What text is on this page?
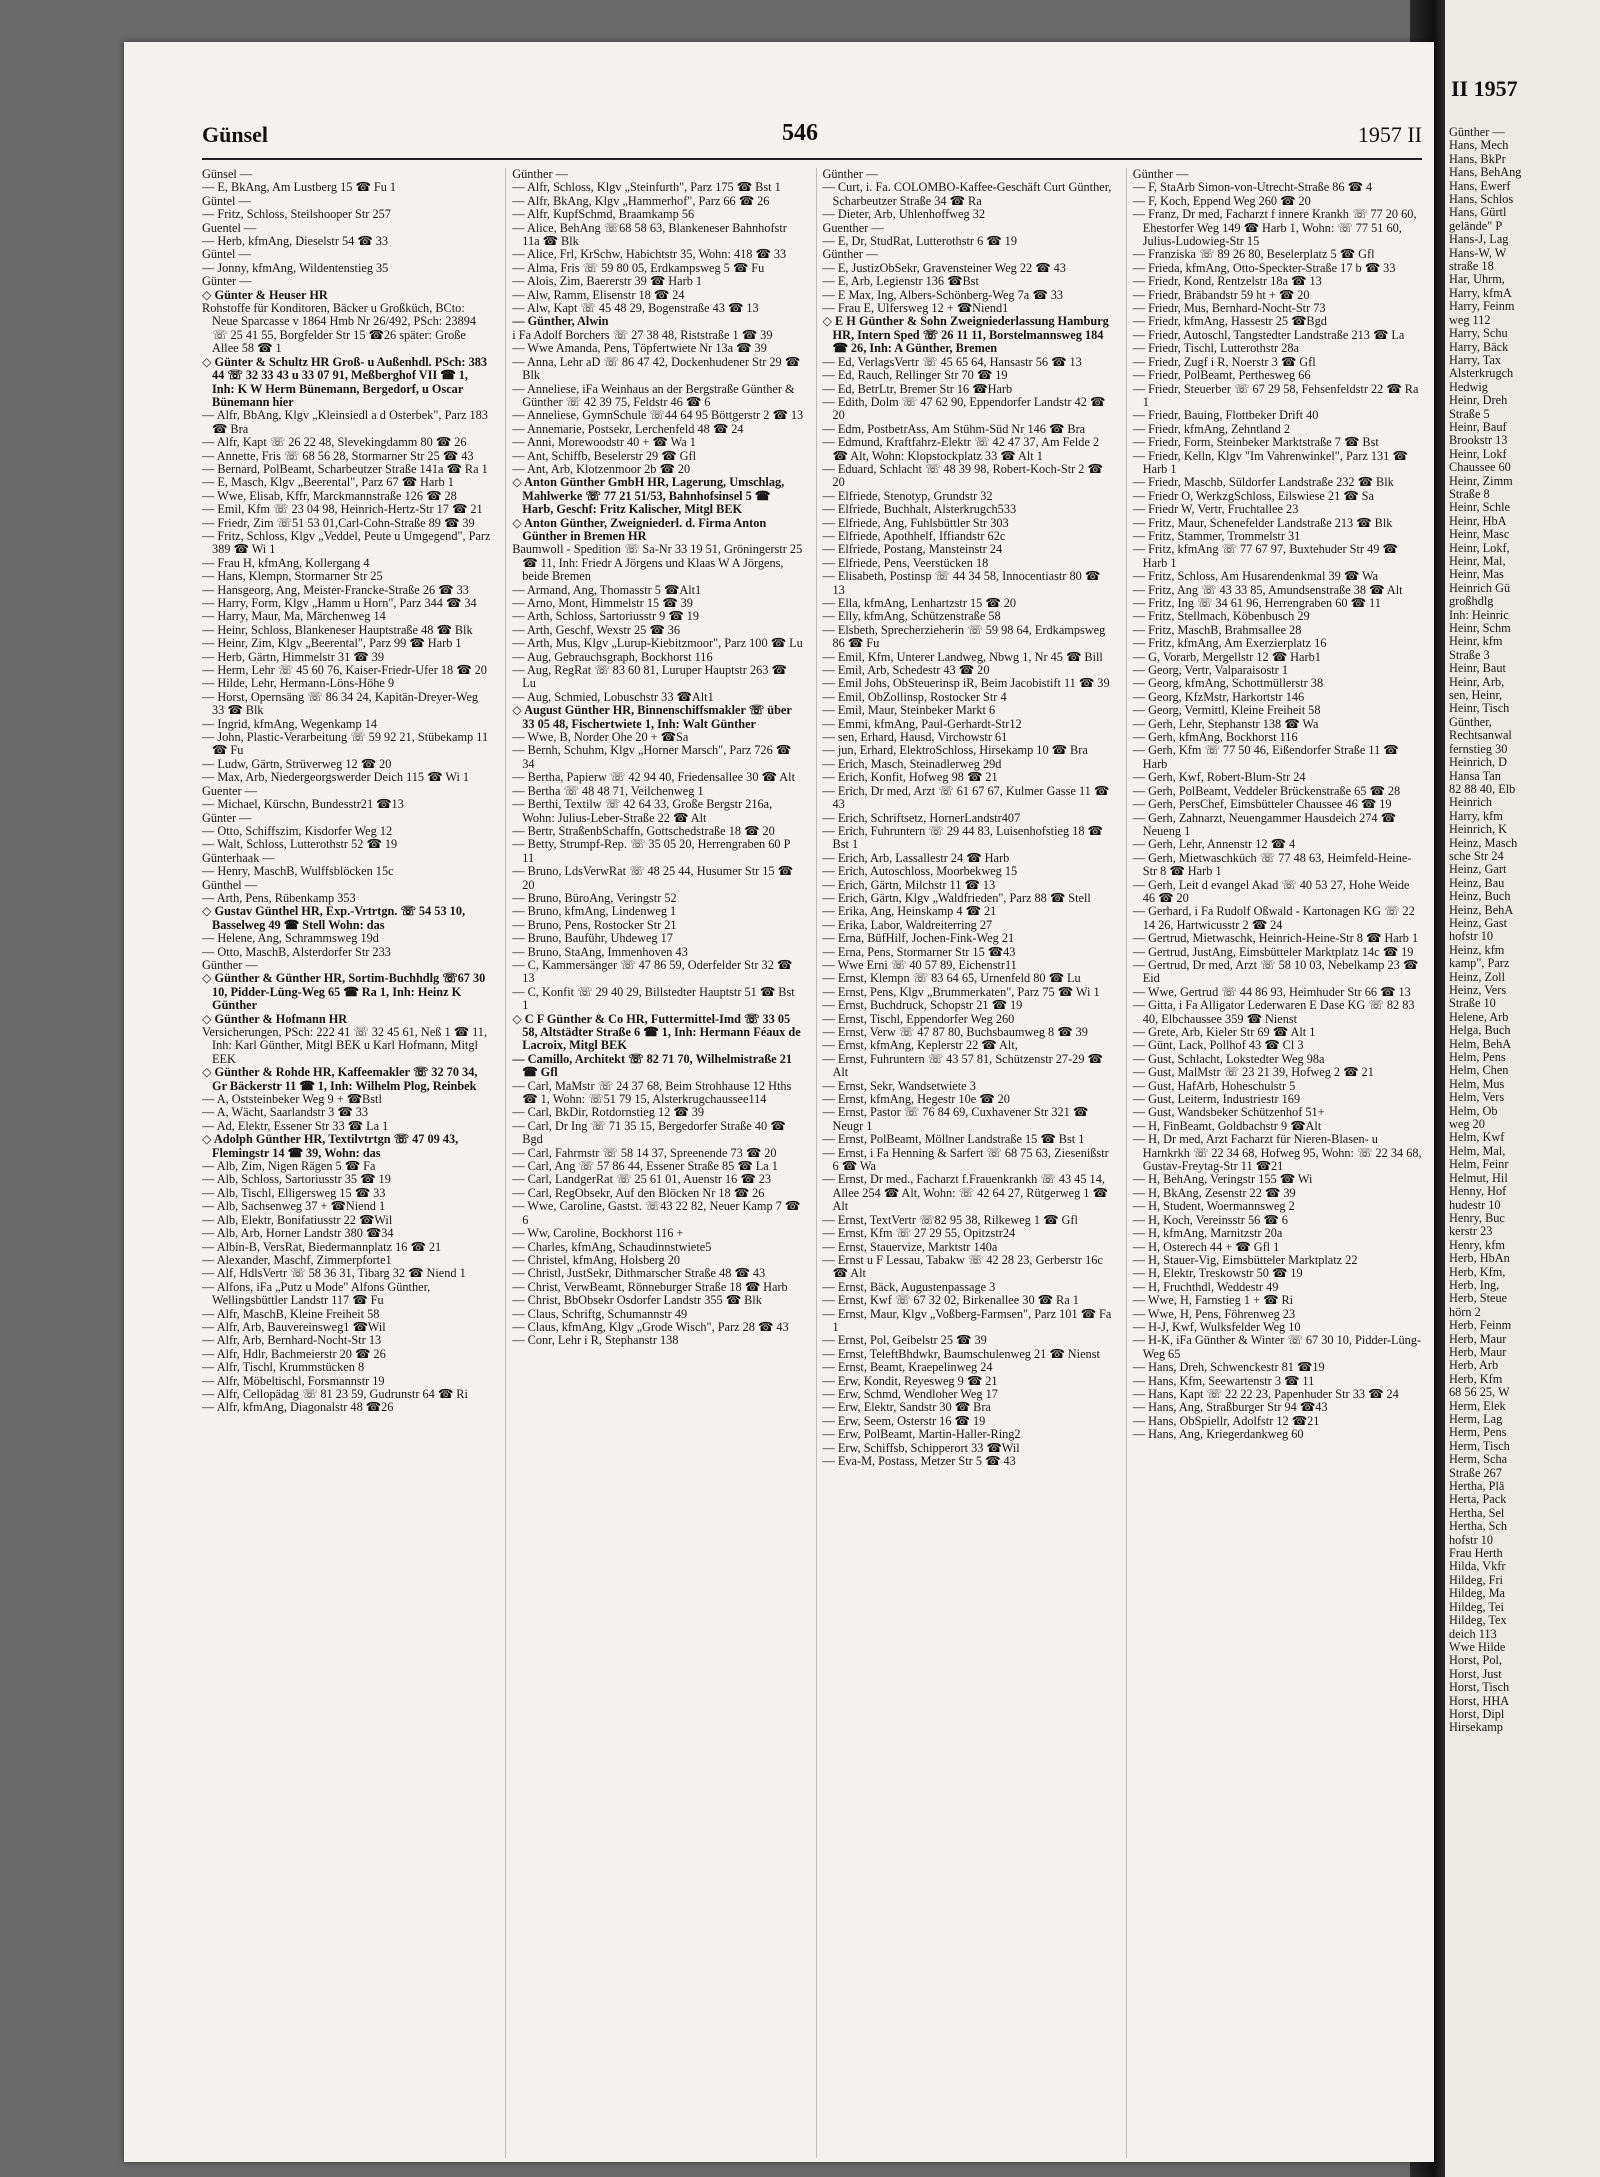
Günsel	546	1957 II

Günsel —

— E, BkAng, Am Lustberg 15 ☎ Fu 1

Güntel —

— Fritz, Schloss, Steilshooper Str 257

Guentel —

— Herb, kfmAng, Dieselstr 54 ☎ 33

Güntel —

— Jonny, kfmAng, Wildentenstieg 35

Günter —

◇ Günter & Heuser HR

Rohstoffe für Konditoren, Bäcker u Großküch, BCto: Neue Sparcasse v 1864 Hmb Nr 26/492, PSch: 23894 ☏ 25 41 55, Borgfelder Str 15 ☎26 später: Große Allee 58 ☎ 1

◇ Günter & Schultz HR Groß- u Außenhdl. PSch: 383 44 ☏ 32 33 43 u 33 07 91, Meßberghof VII ☎ 1, Inh: K W Herm Bünemann, Bergedorf, u Oscar Bünemann hier

— Alfr, BbAng, Klgv „Kleinsiedl a d Osterbek", Parz 183 ☎ Bra

— Alfr, Kapt ☏ 26 22 48, Slevekingdamm 80 ☎ 26

— Annette, Fris ☏ 68 56 28, Stormarner Str 25 ☎ 43

— Bernard, PolBeamt, Scharbeutzer Straße 141a ☎ Ra 1

— E, Masch, Klgv „Beerental", Parz 67 ☎ Harb 1

— Wwe, Elisab, Kffr, Marckmannstraße 126 ☎ 28

— Emil, Kfm ☏ 23 04 98, Heinrich-Hertz-Str 17 ☎ 21

— Friedr, Zim ☏51 53 01,Carl-Cohn-Straße 89 ☎ 39

— Fritz, Schloss, Klgv „Veddel, Peute u Umgegend", Parz 389 ☎ Wi 1

— Frau H, kfmAng, Kollergang 4

— Hans, Klempn, Stormarner Str 25

— Hansgeorg, Ang, Meister-Francke-Straße 26 ☎ 33

— Harry, Form, Klgv „Hamm u Horn", Parz 344 ☎ 34

— Harry, Maur, Ma, Märchenweg 14

— Heinr, Schloss, Blankeneser Hauptstraße 48 ☎ Blk

— Heinr, Zim, Klgv „Beerental", Parz 99 ☎ Harb 1

— Herb, Gärtn, Himmelstr 31 ☎ 39

— Herm, Lehr ☏ 45 60 76, Kaiser-Friedr-Ufer 18 ☎ 20

— Hilde, Lehr, Hermann-Löns-Höhe 9

— Horst, Opernsäng ☏ 86 34 24, Kapitän-Dreyer-Weg 33 ☎ Blk

— Ingrid, kfmAng, Wegenkamp 14

— John, Plastic-Verarbeitung ☏ 59 92 21, Stübekamp 11 ☎ Fu

— Ludw, Gärtn, Strüverweg 12 ☎ 20

— Max, Arb, Niedergeorgswerder Deich 115 ☎ Wi 1

Guenter —

— Michael, Kürschn, Bundesstr21 ☎13

Günter —

— Otto, Schiffszim, Kisdorfer Weg 12

— Walt, Schloss, Lutterothstr 52 ☎ 19

Günterhaak —

— Henry, MaschB, Wulffsblöcken 15c

Günthel —

— Arth, Pens, Rübenkamp 353

◇ Gustav Günthel HR, Exp.-Vrtrtgn. ☏ 54 53 10, Basselweg 49 ☎ Stell Wohn: das

— Helene, Ang, Schrammsweg 19d

— Otto, MaschB, Alsterdorfer Str 233

Günther —

◇ Günther & Günther HR, Sortim-Buchhdlg ☏67 30 10, Pidder-Lüng-Weg 65 ☎ Ra 1, Inh: Heinz K Günther

◇ Günther & Hofmann HR

Versicherungen, PSch: 222 41 ☏ 32 45 61, Neß 1 ☎ 11, Inh: Karl Günther, Mitgl BEK u Karl Hofmann, Mitgl EEK

◇ Günther & Rohde HR, Kaffeemakler ☏ 32 70 34, Gr Bäckerstr 11 ☎ 1, Inh: Wilhelm Plog, Reinbek

— A, Oststeinbeker Weg 9 + ☎Bstl

— A, Wächt, Saarlandstr 3 ☎ 33

— Ad, Elektr, Essener Str 33 ☎ La 1

◇ Adolph Günther HR, Textilvtrtgn ☏ 47 09 43, Flemingstr 14 ☎ 39, Wohn: das

— Alb, Zim, Nigen Rägen 5 ☎ Fa

— Alb, Schloss, Sartoriusstr 35 ☎ 19

— Alb, Tischl, Elligersweg 15 ☎ 33

— Alb, Sachsenweg 37 + ☎Niend 1

— Alb, Elektr, Bonifatiusstr 22 ☎Wil

— Alb, Arb, Horner Landstr 380 ☎34

— Albin-B, VersRat, Biedermannplatz 16 ☎ 21

— Alexander, Maschf, Zimmerpforte1

— Alf, HdlsVertr ☏ 58 36 31, Tibarg 32 ☎ Niend 1

— Alfons, iFa „Putz u Mode" Alfons Günther, Wellingsbüttler Landstr 117 ☎ Fu

— Alfr, MaschB, Kleine Freiheit 58

— Alfr, Arb, Bauvereinsweg1 ☎Wil

— Alfr, Arb, Bernhard-Nocht-Str 13

— Alfr, Hdlr, Bachmeierstr 20 ☎ 26

— Alfr, Tischl, Krummstücken 8

— Alfr, Möbeltischl, Forsmannstr 19

— Alfr, Cellopädag ☏ 81 23 59, Gudrunstr 64 ☎ Ri

— Alfr, kfmAng, Diagonalstr 48 ☎26

Günther —

— Alfr, Schloss, Klgv „Steinfurth", Parz 175 ☎ Bst 1

— Alfr, BkAng, Klgv „Hammerhof", Parz 66 ☎ 26

— Alfr, KupfSchmd, Braamkamp 56

— Alice, BehAng ☏68 58 63, Blankeneser Bahnhofstr 11a ☎ Blk

— Alice, Frl, KrSchw, Habichtstr 35, Wohn: 418 ☎ 33

— Alma, Fris ☏ 59 80 05, Erdkampsweg 5 ☎ Fu

— Alois, Zim, Baererstr 39 ☎ Harb 1

— Alw, Ramm, Elisenstr 18 ☎ 24

— Alw, Kapt ☏ 45 48 29, Bogenstraße 43 ☎ 13

— Günther, Alwin

i Fa Adolf Borchers ☏ 27 38 48, Riststraße 1 ☎ 39

— Wwe Amanda, Pens, Töpfertwiete Nr 13a ☎ 39

— Anna, Lehr aD ☏ 86 47 42, Dockenhudener Str 29 ☎ Blk

— Anneliese, iFa Weinhaus an der Bergstraße Günther & Günther ☏ 42 39 75, Feldstr 46 ☎ 6

— Anneliese, GymnSchule ☏44 64 95 Böttgerstr 2 ☎ 13

— Annemarie, Postsekr, Lerchenfeld 48 ☎ 24

— Anni, Morewoodstr 40 + ☎ Wa 1

— Ant, Schiffb, Beselerstr 29 ☎ Gfl

— Ant, Arb, Klotzenmoor 2b ☎ 20

◇ Anton Günther GmbH HR, Lagerung, Umschlag, Mahlwerke ☏ 77 21 51/53, Bahnhofsinsel 5 ☎ Harb, Geschf: Fritz Kalischer, Mitgl BEK

◇ Anton Günther, Zweigniederl. d. Firma Anton Günther in Bremen HR

Baumwoll - Spedition ☏ Sa-Nr 33 19 51, Gröningerstr 25 ☎ 11, Inh: Friedr A Jörgens und Klaas W A Jörgens, beide Bremen

— Armand, Ang, Thomasstr 5 ☎Alt1

— Arno, Mont, Himmelstr 15 ☎ 39

— Arth, Schloss, Sartoriusstr 9 ☎ 19

— Arth, Geschf, Wexstr 25 ☎ 36

— Arth, Mus, Klgv „Lurup-Kiebitzmoor", Parz 100 ☎ Lu

— Aug, Gebrauchsgraph, Bockhorst 116

— Aug, RegRat ☏ 83 60 81, Luruper Hauptstr 263 ☎ Lu

— Aug, Schmied, Lobuschstr 33 ☎Alt1

◇ August Günther HR, Binnenschiffsmakler ☏ über 33 05 48, Fischertwiete 1, Inh: Walt Günther

— Wwe, B, Norder Ohe 20 + ☎Sa

— Bernh, Schuhm, Klgv „Horner Marsch", Parz 726 ☎ 34

— Bertha, Papierw ☏ 42 94 40, Friedensallee 30 ☎ Alt

— Bertha ☏ 48 48 71, Veilchenweg 1

— Berthi, Textilw ☏ 42 64 33, Große Bergstr 216a, Wohn: Julius-Leber-Straße 22 ☎ Alt

— Bertr, StraßenbSchaffn, Gottschedstraße 18 ☎ 20

— Betty, Strumpf-Rep. ☏ 35 05 20, Herrengraben 60 P 11

— Bruno, LdsVerwRat ☏ 48 25 44, Husumer Str 15 ☎ 20

— Bruno, BüroAng, Veringstr 52

— Bruno, kfmAng, Lindenweg 1

— Bruno, Pens, Rostocker Str 21

— Bruno, Bauführ, Uhdeweg 17

— Bruno, StaAng, Immenhoven 43

— C, Kammersänger ☏ 47 86 59, Oderfelder Str 32 ☎ 13

— C, Konfit ☏ 29 40 29, Billstedter Hauptstr 51 ☎ Bst 1

◇ C F Günther & Co HR, Futtermittel-Imd ☏ 33 05 58, Altstädter Straße 6 ☎ 1, Inh: Hermann Féaux de Lacroix, Mitgl BEK

— Camillo, Architekt ☏ 82 71 70, Wilhelmistraße 21 ☎ Gfl

— Carl, MaMstr ☏ 24 37 68, Beim Strohhause 12 Hths ☎ 1, Wohn: ☏51 79 15, Alsterkrugchaussee114

— Carl, BkDir, Rotdornstieg 12 ☎ 39

— Carl, Dr Ing ☏ 71 35 15, Bergedorfer Straße 40 ☎ Bgd

— Carl, Fahrmstr ☏ 58 14 37, Spreenende 73 ☎ 20

— Carl, Ang ☏ 57 86 44, Essener Straße 85 ☎ La 1

— Carl, LandgerRat ☏ 25 61 01, Auenstr 16 ☎ 23

— Carl, RegObsekr, Auf den Blöcken Nr 18 ☎ 26

— Wwe, Caroline, Gastst. ☏43 22 82, Neuer Kamp 7 ☎ 6

— Ww, Caroline, Bockhorst 116 +

— Charles, kfmAng, Schaudinnstwiete5

— Christel, kfmAng, Holsberg 20

— Christl, JustSekr, Dithmarscher Straße 48 ☎ 43

— Christ, VerwBeamt, Rönneburger Straße 18 ☎ Harb

— Christ, BbObsekr Osdorfer Landstr 355 ☎ Blk

— Claus, Schriftg, Schumannstr 49

— Claus, kfmAng, Klgv „Grode Wisch", Parz 28 ☎ 43

— Conr, Lehr i R, Stephanstr 138

Günther —

— Curt, i. Fa. COLOMBO-Kaffee-Geschäft Curt Günther, Scharbeutzer Straße 34 ☎ Ra

— Dieter, Arb, Uhlenhoffweg 32

Guenther —

— E, Dr, StudRat, Lutterothstr 6 ☎ 19

Günther —

— E, JustizObSekr, Gravensteiner Weg 22 ☎ 43

— E, Arb, Legienstr 136 ☎Bst

— E Max, Ing, Albers-Schönberg-Weg 7a ☎ 33

— Frau E, Ulfersweg 12 + ☎Niend1

◇ E H Günther & Sohn Zweigniederlassung Hamburg HR, Intern Sped ☏ 26 11 11, Borstelmannsweg 184 ☎ 26, Inh: A Günther, Bremen

— Ed, VerlagsVertr ☏ 45 65 64, Hansastr 56 ☎ 13

— Ed, Rauch, Rellinger Str 70 ☎ 19

— Ed, BetrLtr, Bremer Str 16 ☎Harb

— Edith, Dolm ☏ 47 62 90, Eppendorfer Landstr 42 ☎ 20

— Edm, PostbetrAss, Am Stühm-Süd Nr 146 ☎ Bra

— Edmund, Kraftfahrz-Elektr ☏ 42 47 37, Am Felde 2 ☎ Alt, Wohn: Klopstockplatz 33 ☎ Alt 1

— Eduard, Schlacht ☏ 48 39 98, Robert-Koch-Str 2 ☎ 20

— Elfriede, Stenotyp, Grundstr 32

— Elfriede, Buchhalt, Alsterkrugch533

— Elfriede, Ang, Fuhlsbüttler Str 303

— Elfriede, Apothhelf, Iffiandstr 62c

— Elfriede, Postang, Mansteinstr 24

— Elfriede, Pens, Veerstücken 18

— Elisabeth, Postinsp ☏ 44 34 58, Innocentiastr 80 ☎ 13

— Ella, kfmAng, Lenhartzstr 15 ☎ 20

— Elly, kfmAng, Schützenstraße 58

— Elsbeth, Sprecherzieherin ☏ 59 98 64, Erdkampsweg 86 ☎ Fu

— Emil, Kfm, Unterer Landweg, Nbwg 1, Nr 45 ☎ Bill

— Emil, Arb, Schedestr 43 ☎ 20

— Emil Johs, ObSteuerinsp iR, Beim Jacobistift 11 ☎ 39

— Emil, ObZollinsp, Rostocker Str 4

— Emil, Maur, Steinbeker Markt 6

— Emmi, kfmAng, Paul-Gerhardt-Str12

— sen, Erhard, Hausd, Virchowstr 61

— jun, Erhard, ElektroSchloss, Hirsekamp 10 ☎ Bra

— Erich, Masch, Steinadlerweg 29d

— Erich, Konfit, Hofweg 98 ☎ 21

— Erich, Dr med, Arzt ☏ 61 67 67, Kulmer Gasse 11 ☎ 43

— Erich, Schriftsetz, HornerLandstr407

— Erich, Fuhruntern ☏ 29 44 83, Luisenhofstieg 18 ☎ Bst 1

— Erich, Arb, Lassallestr 24 ☎ Harb

— Erich, Autoschloss, Moorbekweg 15

— Erich, Gärtn, Milchstr 11 ☎ 13

— Erich, Gärtn, Klgv „Waldfrieden", Parz 88 ☎ Stell

— Erika, Ang, Heinskamp 4 ☎ 21

— Erika, Labor, Waldreiterring 27

— Erna, BüfHilf, Jochen-Fink-Weg 21

— Erna, Pens, Stormarner Str 15 ☎43

— Wwe Erni ☏ 40 57 89, Eichenstr11

— Ernst, Klempn ☏ 83 64 65, Urnenfeld 80 ☎ Lu

— Ernst, Pens, Klgv „Brummerkaten", Parz 75 ☎ Wi 1

— Ernst, Buchdruck, Schopstr 21 ☎ 19

— Ernst, Tischl, Eppendorfer Weg 260

— Ernst, Verw ☏ 47 87 80, Buchsbaumweg 8 ☎ 39

— Ernst, kfmAng, Keplerstr 22 ☎ Alt,

— Ernst, Fuhruntern ☏ 43 57 81, Schützenstr 27-29 ☎ Alt

— Ernst, Sekr, Wandsetwiete 3

— Ernst, kfmAng, Hegestr 10e ☎ 20

— Ernst, Pastor ☏ 76 84 69, Cuxhavener Str 321 ☎ Neugr 1

— Ernst, PolBeamt, Möllner Landstraße 15 ☎ Bst 1

— Ernst, i Fa Henning & Sarfert ☏ 68 75 63, Ziesenißstr 6 ☎ Wa

— Ernst, Dr med., Facharzt f.Frauenkrankh ☏ 43 45 14, Allee 254 ☎ Alt, Wohn: ☏ 42 64 27, Rütgerweg 1 ☎ Alt

— Ernst, TextVertr ☏82 95 38, Rilkeweg 1 ☎ Gfl

— Ernst, Kfm ☏ 27 29 55, Opitzstr24

— Ernst, Stauervize, Marktstr 140a

— Ernst u F Lessau, Tabakw ☏ 42 28 23, Gerberstr 16c ☎ Alt

— Ernst, Bäck, Augustenpassage 3

— Ernst, Kwf ☏ 67 32 02, Birkenallee 30 ☎ Ra 1

— Ernst, Maur, Klgv „Voßberg-Farmsen", Parz 101 ☎ Fa 1

— Ernst, Pol, Geibelstr 25 ☎ 39

— Ernst, TeleftBhdwkr, Baumschulenweg 21 ☎ Nienst

— Ernst, Beamt, Kraepelinweg 24

— Erw, Kondit, Reyesweg 9 ☎ 21

— Erw, Schmd, Wendloher Weg 17

— Erw, Elektr, Sandstr 30 ☎ Bra

— Erw, Seem, Osterstr 16 ☎ 19

— Erw, PolBeamt, Martin-Haller-Ring2

— Erw, Schiffsb, Schipperort 33 ☎Wil

— Eva-M, Postass, Metzer Str 5 ☎ 43

Günther —

— F, StaArb Simon-von-Utrecht-Straße 86 ☎ 4

— F, Koch, Eppend Weg 260 ☎ 20

— Franz, Dr med, Facharzt f innere Krankh ☏ 77 20 60, Ehestorfer Weg 149 ☎ Harb 1, Wohn: ☏ 77 51 60, Julius-Ludowieg-Str 15

— Franziska ☏ 89 26 80, Beselerplatz 5 ☎ Gfl

— Frieda, kfmAng, Otto-Speckter-Straße 17 b ☎ 33

— Friedr, Kond, Rentzelstr 18a ☎ 13

— Friedr, Bräbandstr 59 ht + ☎ 20

— Friedr, Mus, Bernhard-Nocht-Str 73

— Friedr, kfmAng, Hassestr 25 ☎Bgd

— Friedr, Autoschl, Tangstedter Landstraße 213 ☎ La

— Friedr, Tischl, Lutterothstr 28a

— Friedr, Zugf i R, Noerstr 3 ☎ Gfl

— Friedr, PolBeamt, Perthesweg 66

— Friedr, Steuerber ☏ 67 29 58, Fehsenfeldstr 22 ☎ Ra 1

— Friedr, Bauing, Flottbeker Drift 40

— Friedr, kfmAng, Zehntland 2

— Friedr, Form, Steinbeker Marktstraße 7 ☎ Bst

— Friedr, Kelln, Klgv "Im Vahrenwinkel", Parz 131 ☎ Harb 1

— Friedr, Maschb, Süldorfer Landstraße 232 ☎ Blk

— Friedr O, WerkzgSchloss, Eilswiese 21 ☎ Sa

— Friedr W, Vertr, Fruchtallee 23

— Fritz, Maur, Schenefelder Landstraße 213 ☎ Blk

— Fritz, Stammer, Trommelstr 31

— Fritz, kfmAng ☏ 77 67 97, Buxtehuder Str 49 ☎ Harb 1

— Fritz, Schloss, Am Husarendenkmal 39 ☎ Wa

— Fritz, Ang ☏ 43 33 85, Amundsenstraße 38 ☎ Alt

— Fritz, Ing ☏ 34 61 96, Herrengraben 60 ☎ 11

— Fritz, Stellmach, Köbenbusch 29

— Fritz, MaschB, Brahmsallee 28

— Fritz, kfmAng, Am Exerzierplatz 16

— G, Vorarb, Mergellstr 12 ☎ Harb1

— Georg, Vertr, Valparaisostr 1

— Georg, kfmAng, Schottmüllerstr 38

— Georg, KfzMstr, Harkortstr 146

— Georg, Vermittl, Kleine Freiheit 58

— Gerh, Lehr, Stephanstr 138 ☎ Wa

— Gerh, kfmAng, Bockhorst 116

— Gerh, Kfm ☏ 77 50 46, Eißendorfer Straße 11 ☎ Harb

— Gerh, Kwf, Robert-Blum-Str 24

— Gerh, PolBeamt, Veddeler Brückenstraße 65 ☎ 28

— Gerh, PersChef, Eimsbütteler Chaussee 46 ☎ 19

— Gerh, Zahnarzt, Neuengammer Hausdeich 274 ☎ Neueng 1

— Gerh, Lehr, Annenstr 12 ☎ 4

— Gerh, Mietwaschküch ☏ 77 48 63, Heimfeld-Heine-Str 8 ☎ Harb 1

— Gerh, Leit d evangel Akad ☏ 40 53 27, Hohe Weide 46 ☎ 20

— Gerhard, i Fa Rudolf Oßwald - Kartonagen KG ☏ 22 14 26, Hartwicusstr 2 ☎ 24

— Gertrud, Mietwaschk, Heinrich-Heine-Str 8 ☎ Harb 1

— Gertrud, JustAng, Eimsbütteler Marktplatz 14c ☎ 19

— Gertrud, Dr med, Arzt ☏ 58 10 03, Nebelkamp 23 ☎ Eid

— Wwe, Gertrud ☏ 44 86 93, Heimhuder Str 66 ☎ 13

— Gitta, i Fa Alligator Lederwaren E Dase KG ☏ 82 83 40, Elbchaussee 359 ☎ Nienst

— Grete, Arb, Kieler Str 69 ☎ Alt 1

— Günt, Lack, Pollhof 43 ☎ Cl 3

— Gust, Schlacht, Lokstedter Weg 98a

— Gust, MalMstr ☏ 23 21 39, Hofweg 2 ☎ 21

— Gust, HafArb, Hoheschulstr 5

— Gust, Leiterm, Industriestr 169

— Gust, Wandsbeker Schützenhof 51+

— H, FinBeamt, Goldbachstr 9 ☎Alt

— H, Dr med, Arzt Facharzt für Nieren-Blasen- u Harnkrkh ☏ 22 34 68, Hofweg 95, Wohn: ☏ 22 34 68, Gustav-Freytag-Str 11 ☎21

— H, BehAng, Veringstr 155 ☎ Wi

— H, BkAng, Zesenstr 22 ☎ 39

— H, Student, Woermannsweg 2

— H, Koch, Vereinsstr 56 ☎ 6

— H, kfmAng, Marnitzstr 20a

— H, Osterech 44 + ☎ Gfl 1

— H, Stauer-Vig, Eimsbütteler Marktplatz 22

— H, Elektr, Treskowstr 50 ☎ 19

— H, Fruchthdl, Weddestr 49

— Wwe, H, Farnstieg 1 + ☎ Ri

— Wwe, H, Pens, Föhrenweg 23

— H-J, Kwf, Wulksfelder Weg 10

— H-K, iFa Günther & Winter ☏ 67 30 10, Pidder-Lüng-Weg 65

— Hans, Dreh, Schwenckestr 81 ☎19

— Hans, Kfm, Seewartenstr 3 ☎ 11

— Hans, Kapt ☏ 22 22 23, Papenhuder Str 33 ☎ 24

— Hans, Ang, Straßburger Str 94 ☎43

— Hans, ObSpiellr, Adolfstr 12 ☎21

— Hans, Ang, Kriegerdankweg 60

II 1957
Günther —
Hans, Mech
Hans, BkPr
Hans, BehAng
Hans, Ewerf
Hans, Schlos
Hans, Gürtl
gelände" P
Hans-J, Lag
Hans-W, W
straße 18
Har, Uhrm,
Harry, kfmA
Harry, Feinm
weg 112
Harry, Schu
Harry, Bäck
Harry, Tax
Alsterkrugch
Hedwig
Heinr, Dreh
Straße 5
Heinr, Bauf
Brookstr 13
Heinr, Lokf
Chaussee 60
Heinr, Zimm
Straße 8
Heinr, Schle
Heinr, HbA
Heinr, Masc
Heinr, Lokf,
Heinr, Mal,
Heinr, Mas
Heinrich Gü
großhdlg
Inh: Heinric
Heinr, Schm
Heinr, kfm
Straße 3
Heinr, Baut
Heinr, Arb,
sen, Heinr,
Heinr, Tisch
Günther,
Rechtsanwal
fernstieg 30
Heinrich, D
Hansa Tan
82 88 40, Elb
Heinrich
Harry, kfm
Heinrich, K
Heinz, Masch
sche Str 24
Heinz, Gart
Heinz, Bau
Heinz, Buch
Heinz, BehA
Heinz, Gast
hofstr 10
Heinz, kfm
kamp", Parz
Heinz, Zoll
Heinz, Vers
Straße 10
Helene, Arb
Helga, Buch
Helm, BehA
Helm, Pens
Helm, Chen
Helm, Mus
Helm, Vers
Helm, Ob
weg 20
Helm, Kwf
Helm, Mal,
Helm, Feinr
Helmut, Hil
Henny, Hof
hudestr 10
Henry, Buc
kerstr 23
Henry, kfm
Herb, HbAn
Herb, Kfm,
Herb, Ing,
Herb, Steue
hörn 2
Herb, Feinm
Herb, Maur
Herb, Maur
Herb, Arb
Herb, Kfm
68 56 25, W
Herm, Elek
Herm, Lag
Herm, Pens
Herm, Tisch
Herm, Scha
Straße 267
Hertha, Plä
Herta, Pack
Hertha, Sel
Hertha, Sch
hofstr 10
Frau Herth
Hilda, Vkfr
Hildeg, Fri
Hildeg, Ma
Hildeg, Tei
Hildeg, Tex
deich 113
Wwe Hilde
Horst, Pol,
Horst, Just
Horst, Tisch
Horst, HHA
Horst, Dipl
Hirsekamp
